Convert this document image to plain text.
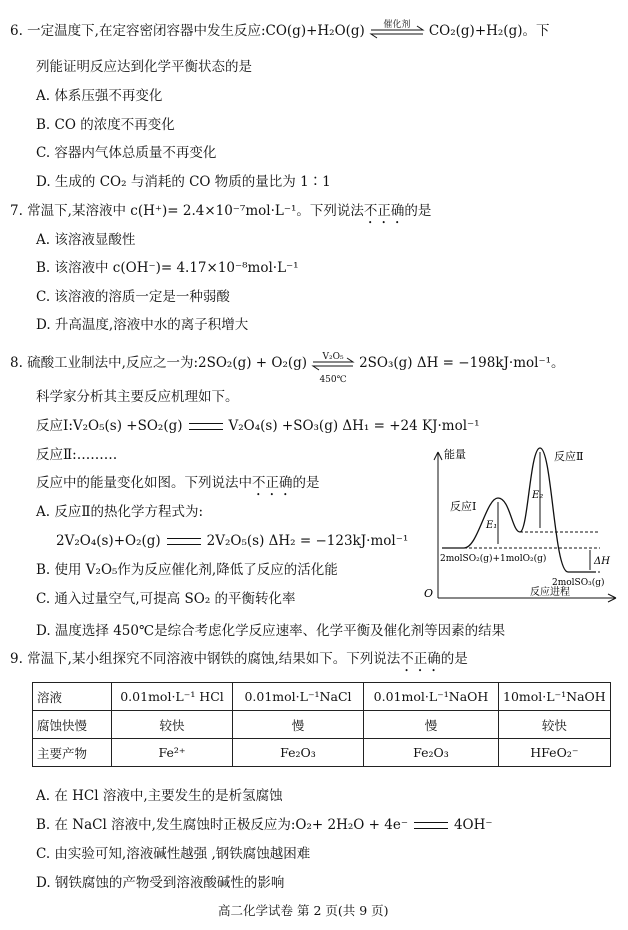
6. 一定温度下,在定容密闭容器中发生反应:CO(g)+H₂O(g)	催化剂	CO₂(g)+H₂(g)。下
列能证明反应达到化学平衡状态的是
A. 体系压强不再变化
B. CO 的浓度不再变化
C. 容器内气体总质量不再变化
D. 生成的 CO₂ 与消耗的 CO 物质的量比为 1∶1
7. 常温下,某溶液中 c(H⁺)= 2.4×10⁻⁷mol·L⁻¹。下列说法不正确的是
A. 该溶液显酸性
B. 该溶液中 c(OH⁻)= 4.17×10⁻⁸mol·L⁻¹
C. 该溶液的溶质一定是一种弱酸
D. 升高温度,溶液中水的离子积增大
8. 硫酸工业制法中,反应之一为:2SO₂(g) + O₂(g)	V₂O₅
450℃
2SO₃(g) ΔH = −198kJ·mol⁻¹。
科学家分析其主要反应机理如下。
反应Ⅰ:V₂O₅(s) +SO₂(g)	V₂O₄(s) +SO₃(g) ΔH₁ = +24 KJ·mol⁻¹
反应Ⅱ:………
反应中的能量变化如图。下列说法中不正确的是
A. 反应Ⅱ的热化学方程式为:
2V₂O₄(s)+O₂(g)	2V₂O₅(s) ΔH₂ = −123kJ·mol⁻¹
B. 使用 V₂O₅作为反应催化剂,降低了反应的活化能
C. 通入过量空气,可提高 SO₂ 的平衡转化率
D. 温度选择 450℃是综合考虑化学反应速率、化学平衡及催化剂等因素的结果
能量
O	反应进程
反应Ⅰ
反应Ⅱ
E₁
E₂
ΔH
2molSO₂(g)+1molO₂(g)
2molSO₃(g)
9. 常温下,某小组探究不同溶液中钢铁的腐蚀,结果如下。下列说法不正确的是
溶液	0.01mol·L⁻¹ HCl	0.01mol·L⁻¹NaCl	0.01mol·L⁻¹NaOH	10mol·L⁻¹NaOH
腐蚀快慢	较快	慢	慢	较快
主要产物	Fe²⁺	Fe₂O₃	Fe₂O₃	HFeO₂⁻
A. 在 HCl 溶液中,主要发生的是析氢腐蚀
B. 在 NaCl 溶液中,发生腐蚀时正极反应为:O₂+ 2H₂O + 4e⁻	4OH⁻
C. 由实验可知,溶液碱性越强 ,钢铁腐蚀越困难
D. 钢铁腐蚀的产物受到溶液酸碱性的影响
高二化学试卷 第 2 页(共 9 页)
